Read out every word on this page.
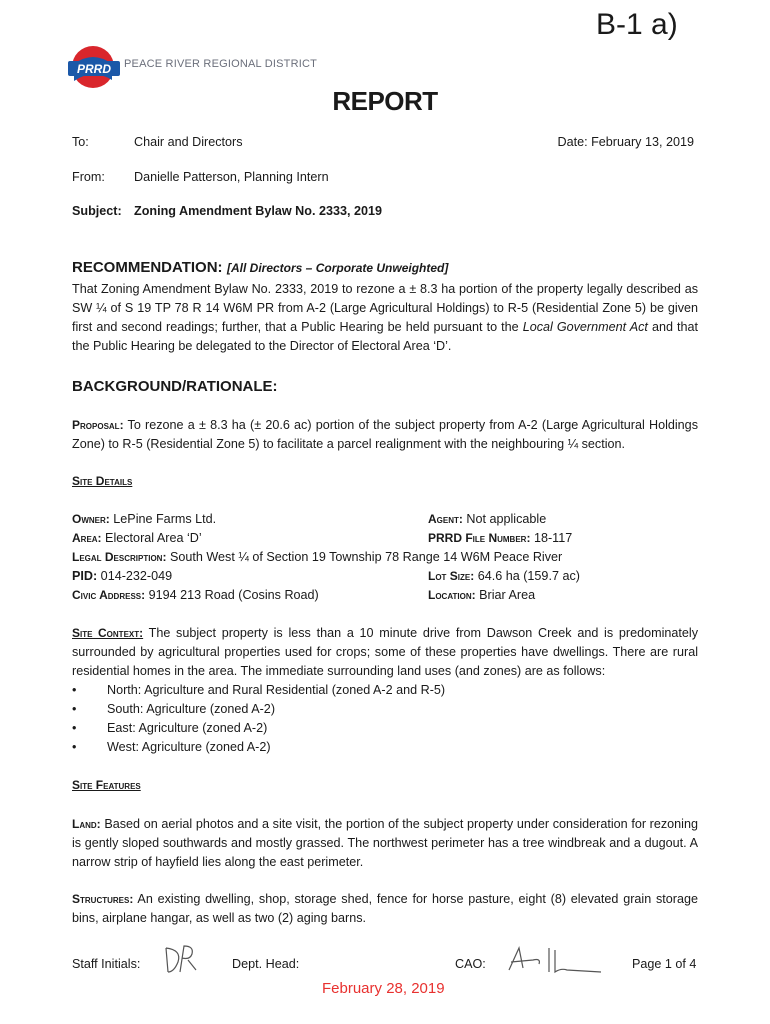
B-1 a)
PRRD PEACE RIVER REGIONAL DISTRICT
REPORT
To:	Chair and Directors	Date: February 13, 2019
From: Danielle Patterson, Planning Intern
Subject: Zoning Amendment Bylaw No. 2333, 2019
RECOMMENDATION: [All Directors – Corporate Unweighted]
That Zoning Amendment Bylaw No. 2333, 2019 to rezone a ± 8.3 ha portion of the property legally described as SW ¼ of S 19 TP 78 R 14 W6M PR from A-2 (Large Agricultural Holdings) to R-5 (Residential Zone 5) be given first and second readings; further, that a Public Hearing be held pursuant to the Local Government Act and that the Public Hearing be delegated to the Director of Electoral Area ‘D’.
BACKGROUND/RATIONALE:
Proposal: To rezone a ± 8.3 ha (± 20.6 ac) portion of the subject property from A-2 (Large Agricultural Holdings Zone) to R-5 (Residential Zone 5) to facilitate a parcel realignment with the neighbouring ¼ section.
Site Details
Owner: LePine Farms Ltd.	Agent: Not applicable
Area: Electoral Area ‘D’	PRRD File Number: 18-117
Legal Description: South West ¼ of Section 19 Township 78 Range 14 W6M Peace River
PID: 014-232-049	Lot Size: 64.6 ha (159.7 ac)
Civic Address: 9194 213 Road (Cosins Road)	Location: Briar Area
Site Context: The subject property is less than a 10 minute drive from Dawson Creek and is predominately surrounded by agricultural properties used for crops; some of these properties have dwellings. There are rural residential homes in the area. The immediate surrounding land uses (and zones) are as follows:
• North: Agriculture and Rural Residential (zoned A-2 and R-5)
• South: Agriculture (zoned A-2)
• East: Agriculture (zoned A-2)
• West: Agriculture (zoned A-2)
Site Features
Land: Based on aerial photos and a site visit, the portion of the subject property under consideration for rezoning is gently sloped southwards and mostly grassed. The northwest perimeter has a tree windbreak and a dugout. A narrow strip of hayfield lies along the east perimeter.
Structures: An existing dwelling, shop, storage shed, fence for horse pasture, eight (8) elevated grain storage bins, airplane hangar, as well as two (2) aging barns.
Staff Initials:	Dept. Head:	CAO:	Page 1 of 4
February 28, 2019
